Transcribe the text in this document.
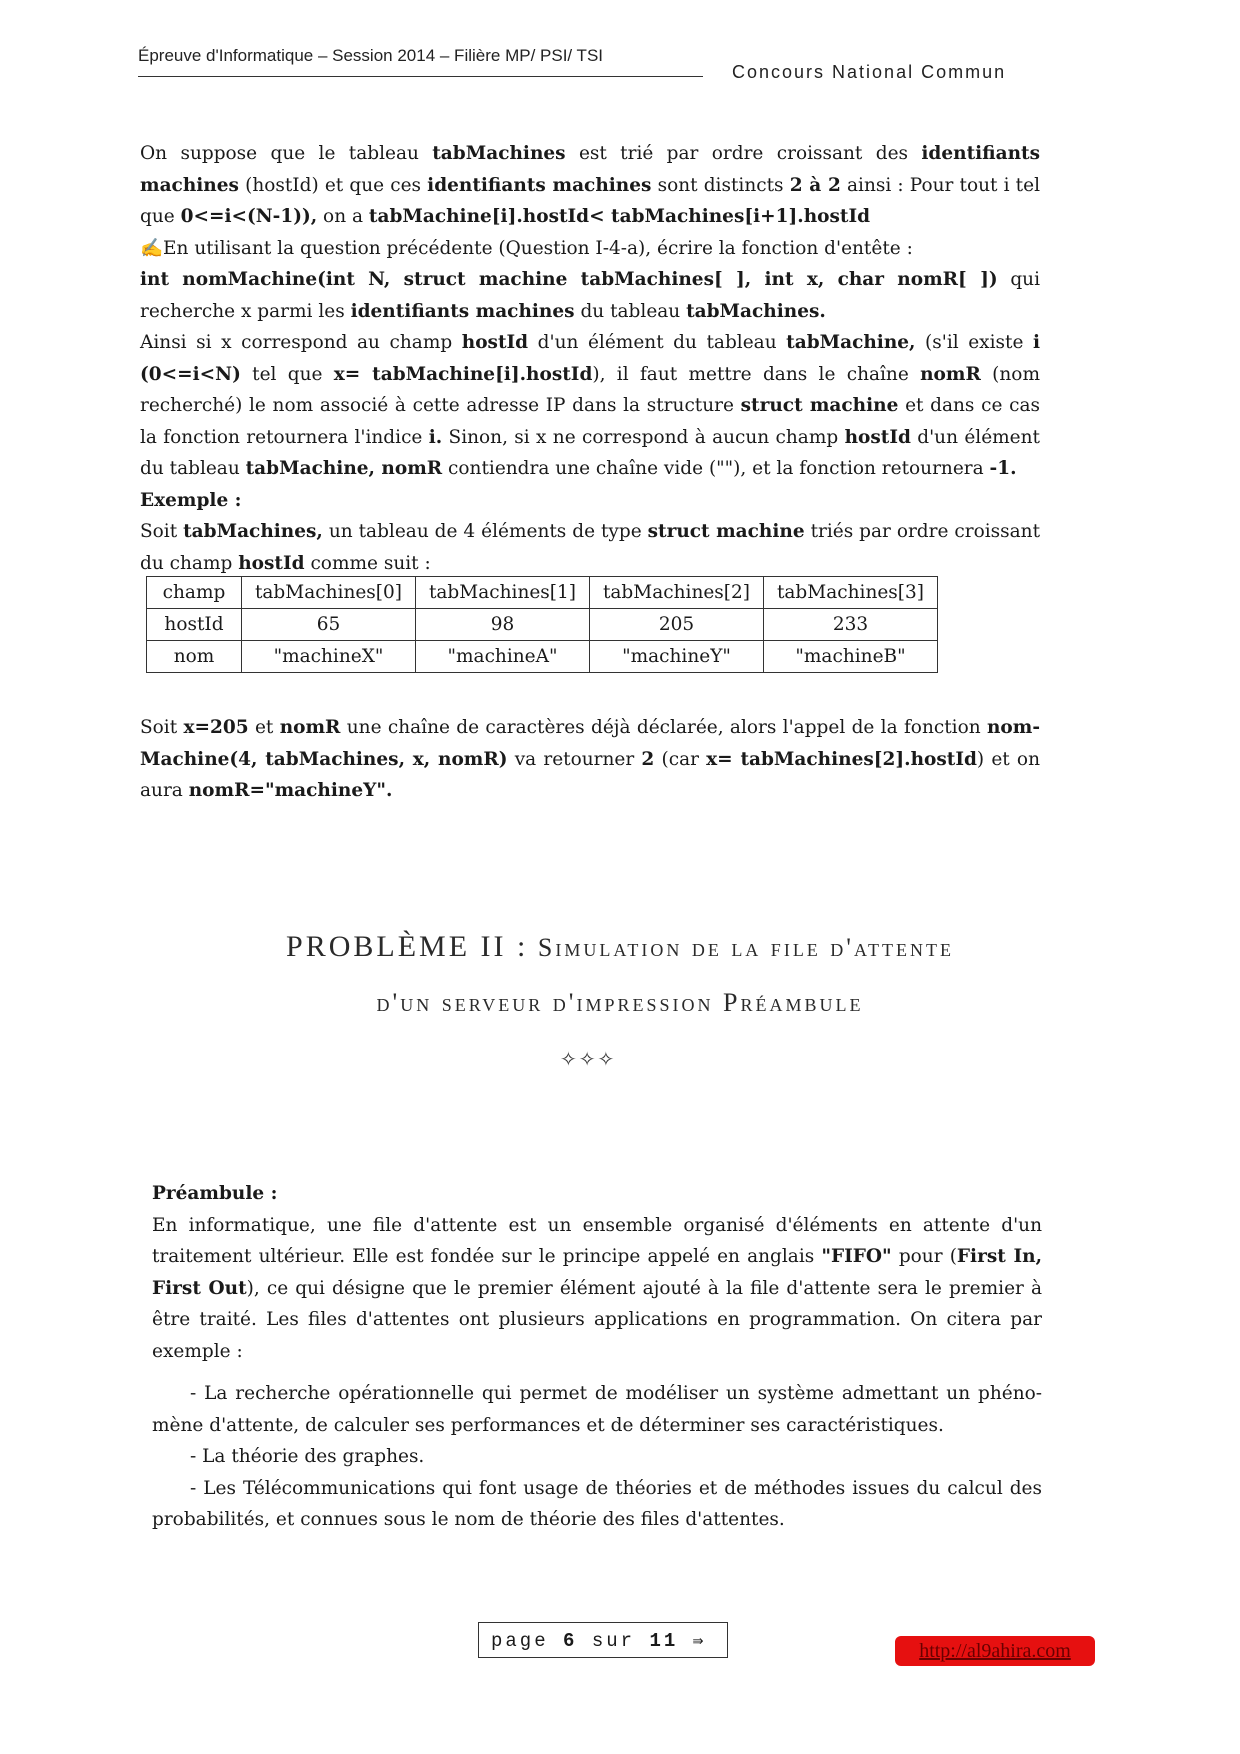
Épreuve d'Informatique – Session 2014 – Filière MP/ PSI/ TSI
Concours National Commun

On suppose que le tableau tabMachines est trié par ordre croissant des identifiants machines (hostId) et que ces identifiants machines sont distincts 2 à 2 ainsi : Pour tout i tel que 0<=i<(N-1)), on a tabMachine[i].hostId< tabMachines[i+1].hostId

✍En utilisant la question précédente (Question I-4-a), écrire la fonction d'entête :
int nomMachine(int N, struct machine tabMachines[ ], int x, char nomR[ ]) qui recherche x parmi les identifiants machines du tableau tabMachines.

Ainsi si x correspond au champ hostId d'un élément du tableau tabMachine, (s'il existe i (0<=i<N) tel que x= tabMachine[i].hostId), il faut mettre dans le chaîne nomR (nom recherché) le nom associé à cette adresse IP dans la structure struct machine et dans ce cas la fonction retournera l'indice i. Sinon, si x ne correspond à aucun champ hostId d'un élément du tableau tabMachine, nomR contiendra une chaîne vide (""), et la fonction retournera -1.

Exemple :

Soit tabMachines, un tableau de 4 éléments de type struct machine triés par ordre croissant du champ hostId comme suit :

champ	tabMachines[0]	tabMachines[1]	tabMachines[2]	tabMachines[3]
hostId	65	98	205	233
nom	"machineX"	"machineA"	"machineY"	"machineB"

Soit x=205 et nomR une chaîne de caractères déjà déclarée, alors l'appel de la fonction nom-Machine(4, tabMachines, x, nomR) va retourner 2 (car x= tabMachines[2].hostId) et on aura nomR="machineY".

PROBLÈME II : Simulation de la file d'attente
d'un serveur d'impression Préambule
✧✧✧

Préambule :

En informatique, une file d'attente est un ensemble organisé d'éléments en attente d'un traitement ultérieur. Elle est fondée sur le principe appelé en anglais "FIFO" pour (First In, First Out), ce qui désigne que le premier élément ajouté à la file d'attente sera le premier à être traité. Les files d'attentes ont plusieurs applications en programmation. On citera par exemple :

- La recherche opérationnelle qui permet de modéliser un système admettant un phéno-mène d'attente, de calculer ses performances et de déterminer ses caractéristiques.

- La théorie des graphes.

- Les Télécommunications qui font usage de théories et de méthodes issues du calcul des probabilités, et connues sous le nom de théorie des files d'attentes.

page 6 sur 11 ⇛	http://al9ahira.com
